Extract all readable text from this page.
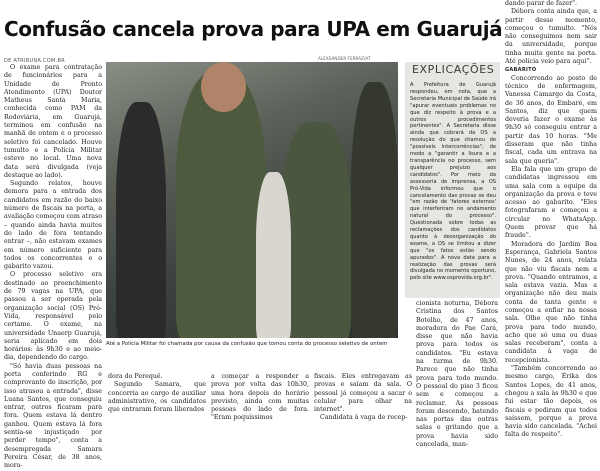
Confusão cancela prova para UPA em Guarujá
DE ATRIBUNA.COM.BR

O exame para contratação de funcionários para a Unidade de Pronto Atendimento (UPA) Doutor Matheus Santa Maria, conhecida como PAM da Rodoviária, em Guarujá, terminou em confusão na manhã de ontem e o processo seletivo foi cancelado. Houve tumulto e a Polícia Militar esteve no local. Uma nova data será divulgada (veja destaque ao lado).

Segundo relatos, houve demora para a entrada dos candidatos em razão do baixo número de fiscais na porta, a avaliação começou com atraso – quando ainda havia muitos do lado de fora tentando entrar –, não estavam exames em número suficiente para todos os concorrentes e o gabarito vazou.

O processo seletivo era destinado ao preenchimento de 79 vagas na UPA, que passou a ser operada pela organização social (OS) Pró-Vida, responsável pelo certame. O exame, na universidade Unaerp Guarujá, seria aplicado em dois horários: às 9h30 e ao meio-dia, dependendo do cargo.

"Só havia duas pessoas na porta conferindo RG e comprovante de inscrição, por isso atrasou a entrada", disse Luana Santos, que conseguiu entrar, outros ficaram para fora. Quem estava lá dentro ganhou. Quem estava lá fora sentia-se injustiçado por perder tempo", conta a desempregada Samara Pereira César, de 38 anos, mora-

ALEXSANDER FERRAZ/AT
Até a Polícia Militar foi chamada por causa da confusão que tomou conta do processo seletivo de ontem
EXPLICAÇÕES

A Prefeitura de Guarujá respondeu, em nota, que a Secretaria Municipal de Saúde irá "apurar eventuais problemas no que diz respeito à prova e a outros procedimentos pertinentes". A Secretaria disse ainda que cobrará da OS a resolução do que chamou de "possíveis intercorrências", de modo a "garantir a lisura e a transparência no processo, sem qualquer prejuízo aos candidatos". Por meio da assessoria de imprensa, a OS Pró-Vida informou que o cancelamento das provas se deu "em razão de 'fatores externos' que interferiram no andamento natural do processo". Questionada sobre todas as reclamações dos candidatos quanto à desorganização do exame, a OS se limitou a dizer que "os fatos estão sendo apurados". A nova data para a realização das provas será divulgada no momento oportuno, pelo site www.osprovida.org.br".

dora do Perequê.

Segundo Samara, que concorria ao cargo de auxiliar administrativo, os candidatos que entraram foram liberados

a começar a responder a prova por volta das 10h30, uma hora depois do horário previsto, ainda com muitas pessoas do lado de fora. "Eram poquíssimos

fiscais. Eles entregavam as provas e saíam da sala. O pessoal já começou a sacar o celular para olhar na internet".

Candidata à vaga de recep-

cionista noturna, Débora Cristina dos Santos Botelho, de 47 anos, moradora do Pae Cará, disse que não havia prova para todos os candidatos. "Eu estava na turma de 9h30. Parece que não tinha prova para todo mundo. O pessoal do piso 3 ficou sem e começou a reclamar. As pessoas foram descendo, batendo nas portas das outras salas e gritando que a prova havia sido cancelada, man-

dando parar de fazer".

Débora conta ainda que, a partir desse momento, começou o tumulto. "Nós não conseguimos nem sair da universidade, porque tinha muita gente na porta. Até polícia veio para aqui".

GABARITO

Concorrendo ao posto de técnico de enfermagem, Vanessa Camargo da Costa, de 36 anos, do Embaré, em Santos, diz que quem deveria fazer o exame às 9h30 só conseguiu entrar a partir das 10 horas. "Me disseram que não tinha fiscal, cada um entrava na sala que queria".

Ela fala que um grupo de candidatas ingressou em uma sala com a equipe da organização da prova e teve acesso ao gabarito. "Eles fotografaram e começou a circular no WhatsApp. Quem provar que há fraude".

Moradora do Jardim Boa Esperança, Gabriela Santos Nunes, de 24 anos, relata que não viu fiscais nem a prova. "Quando entramos, a sala estava vazia. Mas a organização não deu mais conta de tanta gente e começou a enfiar na nossa sala. Olhe que não tinha prova para todo mundo, acho que só uma ou duas salas receberam", conta a candidata à vaga de recepcionista.

"Também concorrendo ao mesmo cargo, Érika dos Santos Lopes, de 41 anos, chegou a sala às 9h30 e que fui estar tão depois, os fiscais e pediram que todos saíssem, porque a prova havia sido cancelada. "Achei falta de respeito".
